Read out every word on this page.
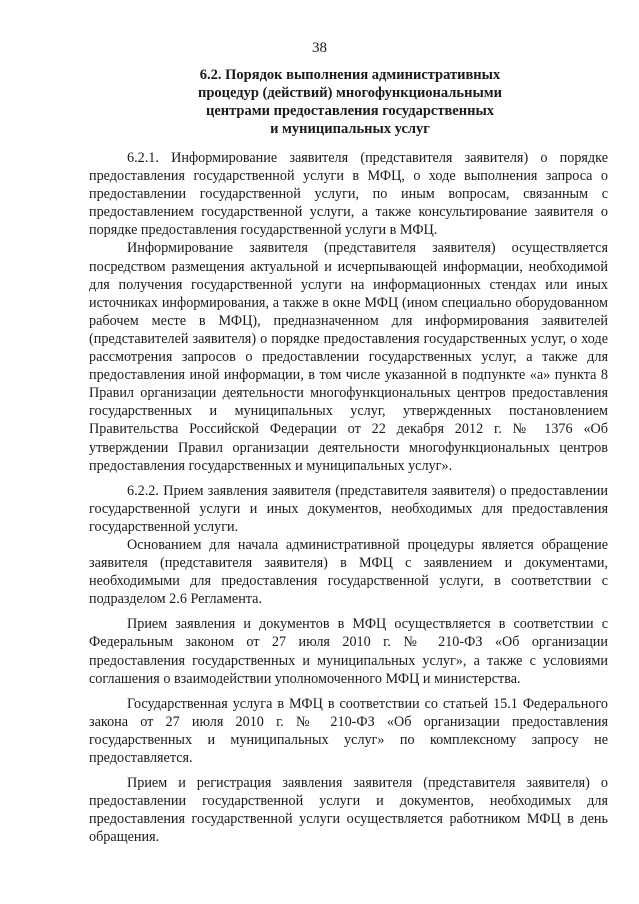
38
6.2. Порядок выполнения административных
процедур (действий) многофункциональными
центрами предоставления государственных
и муниципальных услуг

6.2.1. Информирование заявителя (представителя заявителя) о порядке предоставления государственной услуги в МФЦ, о ходе выполнения запроса о предоставлении государственной услуги, по иным вопросам, связанным с предоставлением государственной услуги, а также консультирование заявителя о порядке предоставления государственной услуги в МФЦ.

Информирование заявителя (представителя заявителя) осуществляется посредством размещения актуальной и исчерпывающей информации, необходимой для получения государственной услуги на информационных стендах или иных источниках информирования, а также в окне МФЦ (ином специально оборудованном рабочем месте в МФЦ), предназначенном для информирования заявителей (представителей заявителя) о порядке предоставления государственных услуг, о ходе рассмотрения запросов о предоставлении государственных услуг, а также для предоставления иной информации, в том числе указанной в подпункте «а» пункта 8 Правил организации деятельности многофункциональных центров предоставления государственных и муниципальных услуг, утвержденных постановлением Правительства Российской Федерации от 22 декабря 2012 г. № 1376 «Об утверждении Правил организации деятельности многофункциональных центров предоставления государственных и муниципальных услуг».

6.2.2. Прием заявления заявителя (представителя заявителя) о предоставлении государственной услуги и иных документов, необходимых для предоставления государственной услуги.

Основанием для начала административной процедуры является обращение заявителя (представителя заявителя) в МФЦ с заявлением и документами, необходимыми для предоставления государственной услуги, в соответствии с подразделом 2.6 Регламента.

Прием заявления и документов в МФЦ осуществляется в соответствии с Федеральным законом от 27 июля 2010 г. № 210-ФЗ «Об организации предоставления государственных и муниципальных услуг», а также с условиями соглашения о взаимодействии уполномоченного МФЦ и министерства.

Государственная услуга в МФЦ в соответствии со статьей 15.1 Федерального закона от 27 июля 2010 г. № 210-ФЗ «Об организации предоставления государственных и муниципальных услуг» по комплексному запросу не предоставляется.

Прием и регистрация заявления заявителя (представителя заявителя) о предоставлении государственной услуги и документов, необходимых для предоставления государственной услуги осуществляется работником МФЦ в день обращения.
